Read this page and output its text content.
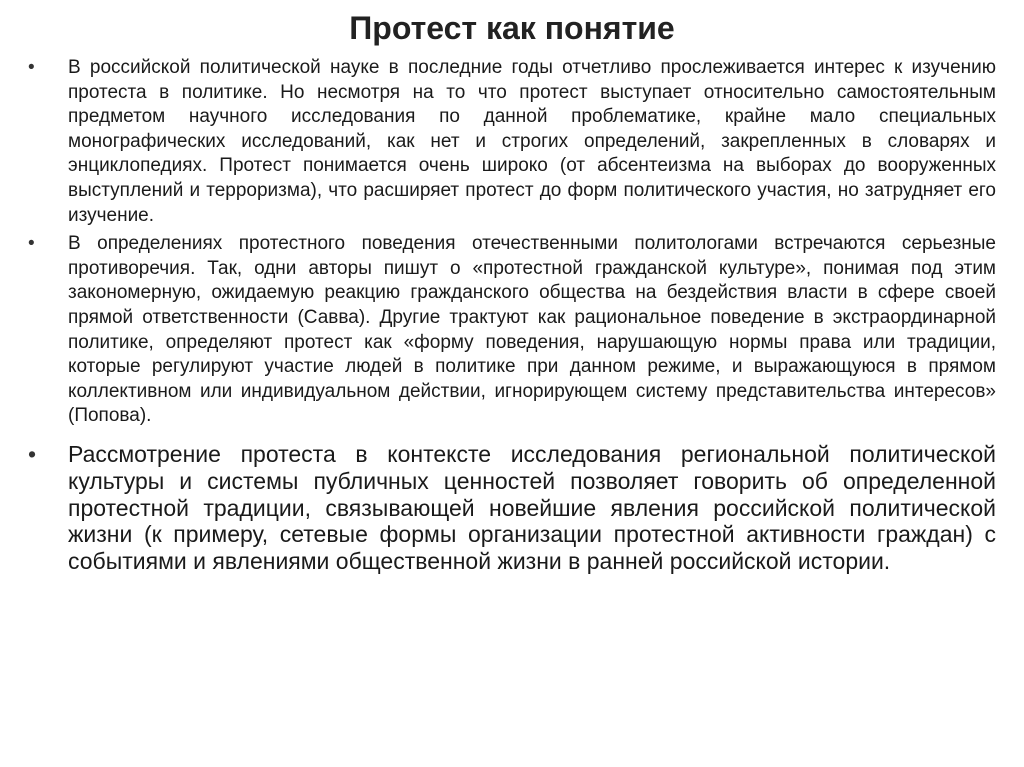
Протест как понятие
•	В российской политической науке в последние годы отчетливо прослеживается интерес к изучению протеста в политике. Но несмотря на то что протест выступает относительно самостоятельным предметом научного исследования по данной проблематике, крайне мало специальных монографических исследований, как нет и строгих определений, закрепленных в словарях и энциклопедиях. Протест понимается очень широко (от абсентеизма на выборах до вооруженных выступлений и терроризма), что расширяет протест до форм политического участия, но затрудняет его изучение.
•	В определениях протестного поведения отечественными политологами встречаются серьезные противоречия. Так, одни авторы пишут о «протестной гражданской культуре», понимая под этим закономерную, ожидаемую реакцию гражданского общества на бездействия власти в сфере своей прямой ответственности (Савва). Другие трактуют как рациональное поведение в экстраординарной политике, определяют протест как «форму поведения, нарушающую нормы права или традиции, которые регулируют участие людей в политике при данном режиме, и выражающуюся в прямом коллективном или индивидуальном действии, игнорирующем систему представительства интересов» (Попова).
•	Рассмотрение протеста в контексте исследования региональной политической культуры и системы публичных ценностей позволяет говорить об определенной протестной традиции, связывающей новейшие явления российской политической жизни (к примеру, сетевые формы организации протестной активности граждан) с событиями и явлениями общественной жизни в ранней российской истории.
